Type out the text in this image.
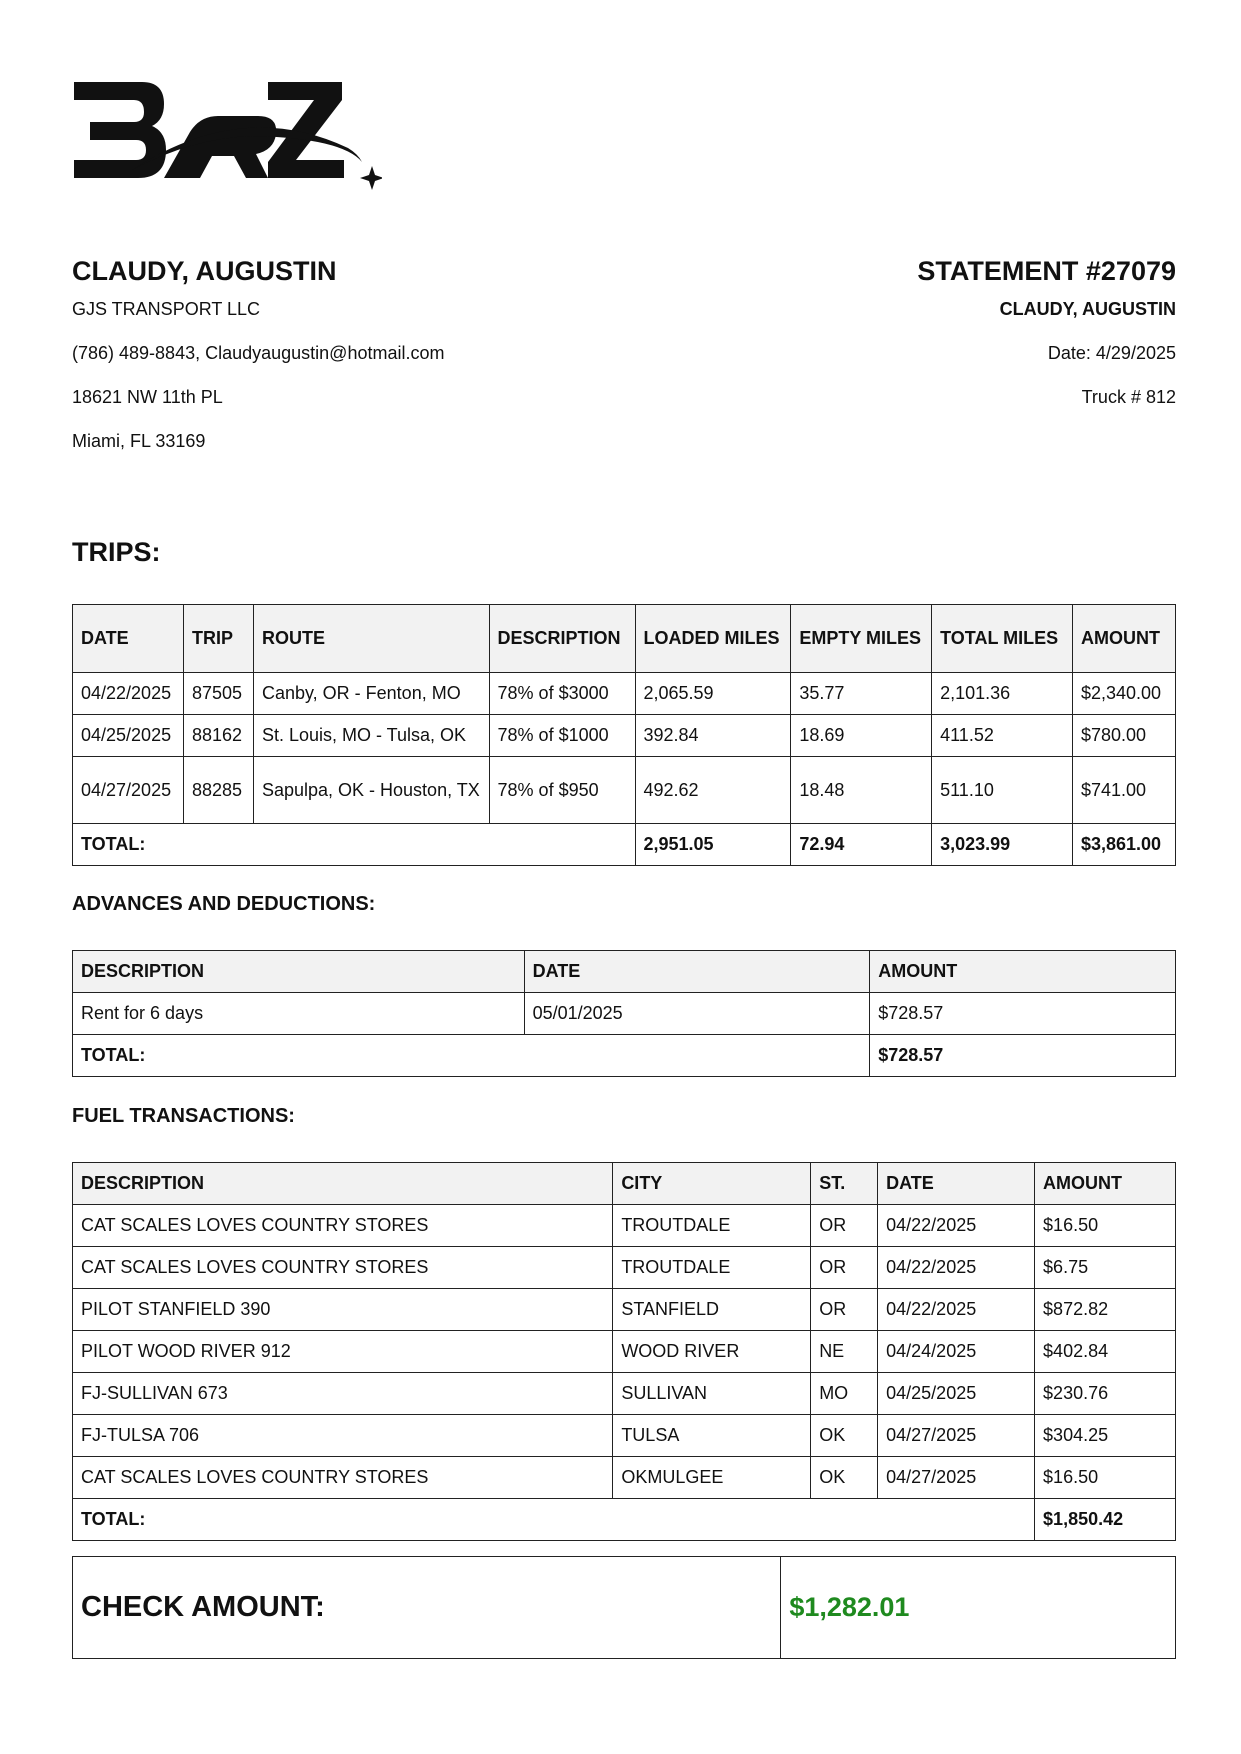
CLAUDY, AUGUSTIN

GJS TRANSPORT LLC

(786) 489-8843, Claudyaugustin@hotmail.com

18621 NW 11th PL

Miami, FL 33169

STATEMENT #27079

CLAUDY, AUGUSTIN

Date: 4/29/2025

Truck # 812

TRIPS:

DATE	TRIP	ROUTE	DESCRIPTION	LOADED MILES	EMPTY MILES	TOTAL MILES	AMOUNT
04/22/2025	87505	Canby, OR - Fenton, MO	78% of $3000	2,065.59	35.77	2,101.36	$2,340.00
04/25/2025	88162	St. Louis, MO - Tulsa, OK	78% of $1000	392.84	18.69	411.52	$780.00
04/27/2025	88285	Sapulpa, OK - Houston, TX	78% of $950	492.62	18.48	511.10	$741.00
TOTAL:				2,951.05	72.94	3,023.99	$3,861.00

ADVANCES AND DEDUCTIONS:

DESCRIPTION	DATE	AMOUNT
Rent for 6 days	05/01/2025	$728.57
TOTAL:		$728.57

FUEL TRANSACTIONS:

DESCRIPTION	CITY	ST.	DATE	AMOUNT
CAT SCALES LOVES COUNTRY STORES	TROUTDALE	OR	04/22/2025	$16.50
CAT SCALES LOVES COUNTRY STORES	TROUTDALE	OR	04/22/2025	$6.75
PILOT STANFIELD 390	STANFIELD	OR	04/22/2025	$872.82
PILOT WOOD RIVER 912	WOOD RIVER	NE	04/24/2025	$402.84
FJ-SULLIVAN 673	SULLIVAN	MO	04/25/2025	$230.76
FJ-TULSA 706	TULSA	OK	04/27/2025	$304.25
CAT SCALES LOVES COUNTRY STORES	OKMULGEE	OK	04/27/2025	$16.50
TOTAL:				$1,850.42
CHECK AMOUNT:	$1,282.01
